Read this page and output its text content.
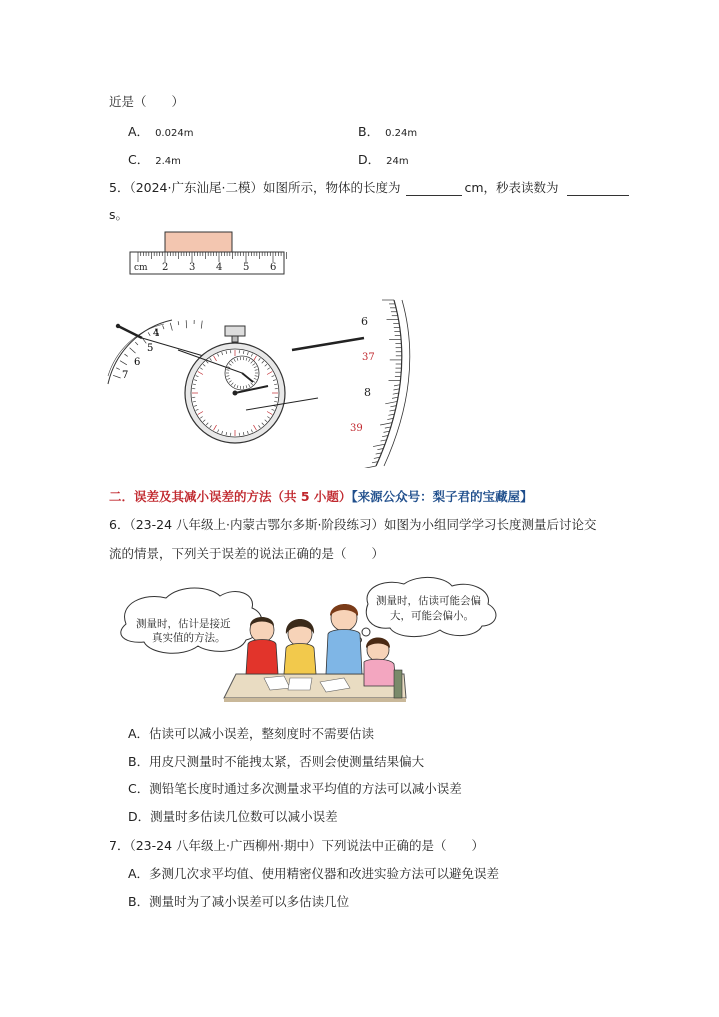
近是（　　）
A． 0.024m	B． 0.24m
C． 2.4m	D． 24m
5．（2024·广东汕尾·二模）如图所示，物体的长度为	cm，秒表读数为
s。
cm 2 3 4 5 6
4
5
6
7
6
37
8
39
二．误差及其减小误差的方法（共 5 小题）【来源公众号：梨子君的宝藏屋】
6．（23-24 八年级上·内蒙古鄂尔多斯·阶段练习）如图为小组同学学习长度测量后讨论交
流的情景，下列关于误差的说法正确的是（　　）
测量时，估计是接近
真实值的方法。
测量时，估读可能会偏
大，可能会偏小。
A．估读可以减小误差，整刻度时不需要估读
B．用皮尺测量时不能拽太紧，否则会使测量结果偏大
C．测铅笔长度时通过多次测量求平均值的方法可以减小误差
D．测量时多估读几位数可以减小误差
7．（23-24 八年级上·广西柳州·期中）下列说法中正确的是（　　）
A．多测几次求平均值、使用精密仪器和改进实验方法可以避免误差
B．测量时为了减小误差可以多估读几位
